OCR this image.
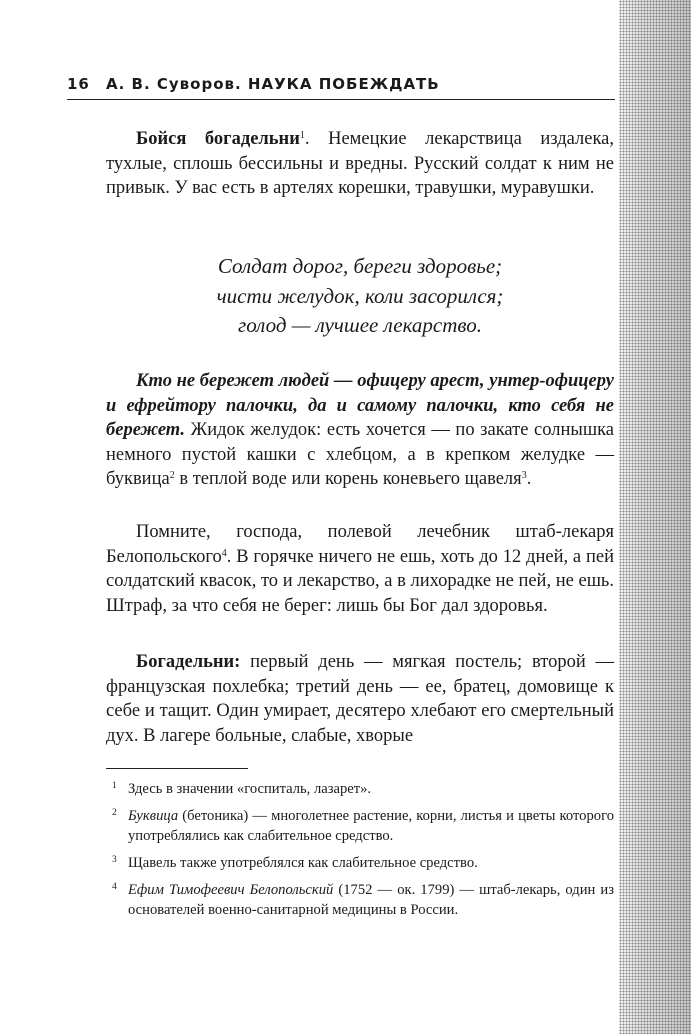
16 А. В. Суворов. НАУКА ПОБЕЖДАТЬ

Бойся богадельни$^1$. Немецкие лекарствица издалека, тухлые, сплошь бессильны и вредны. Русский солдат к ним не привык. У вас есть в артелях корешки, травушки, муравушки.

Солдат дорог, береги здоровье;
чисти желудок, коли засорился;
голод — лучшее лекарство.

Кто не бережет людей — офицеру арест, унтер-офицеру и ефрейтору палочки, да и самому палочки, кто себя не бережет. Жидок желудок: есть хочется — по закате солнышка немного пустой кашки с хлебцом, а в крепком желудке — буквица$^2$ в теплой воде или корень коневьего щавеля$^3$.

Помните, господа, полевой лечебник штаб-лекаря Белопольского$^4$. В горячке ничего не ешь, хоть до 12 дней, а пей солдатский квасок, то и лекарство, а в лихорадке не пей, не ешь. Штраф, за что себя не берег: лишь бы Бог дал здоровья.

Богадельни: первый день — мягкая постель; второй — французская похлебка; третий день — ее, братец, домовище к себе и тащит. Один умирает, десятеро хлебают его смертельный дух. В лагере больные, слабые, хворые

1 Здесь в значении «госпиталь, лазарет».
2 Буквица (бетоника) — многолетнее растение, корни, листья и цветы которого употреблялись как слабительное средство.
3 Щавель также употреблялся как слабительное средство.
4 Ефим Тимофеевич Белопольский (1752 — ок. 1799) — штаб-лекарь, один из основателей военно-санитарной медицины в России.
